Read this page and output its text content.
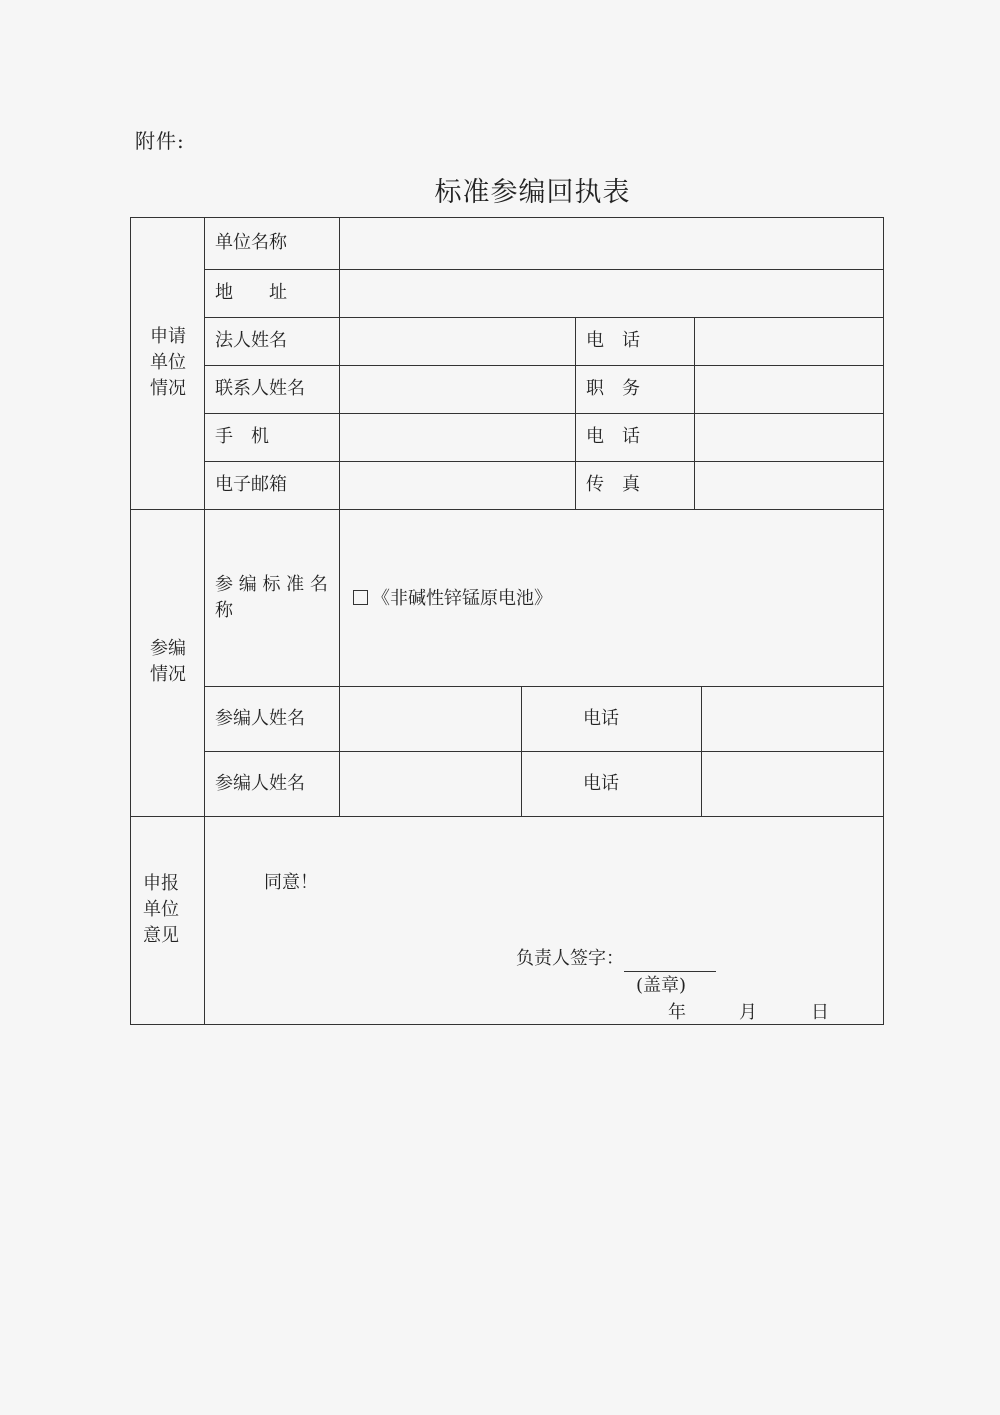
附件:
标准参编回执表
申请
单位
情况
单位名称
地　　址
法人姓名	电　话
联系人姓名	职　务
手　机	电　话
电子邮箱	传　真
参编
情况
参 编 标 准 名
称
《非碱性锌锰原电池》
参编人姓名	电话
参编人姓名	电话
申报
单位
意见
同意！
负责人签字：
(盖章)
年	月	日
